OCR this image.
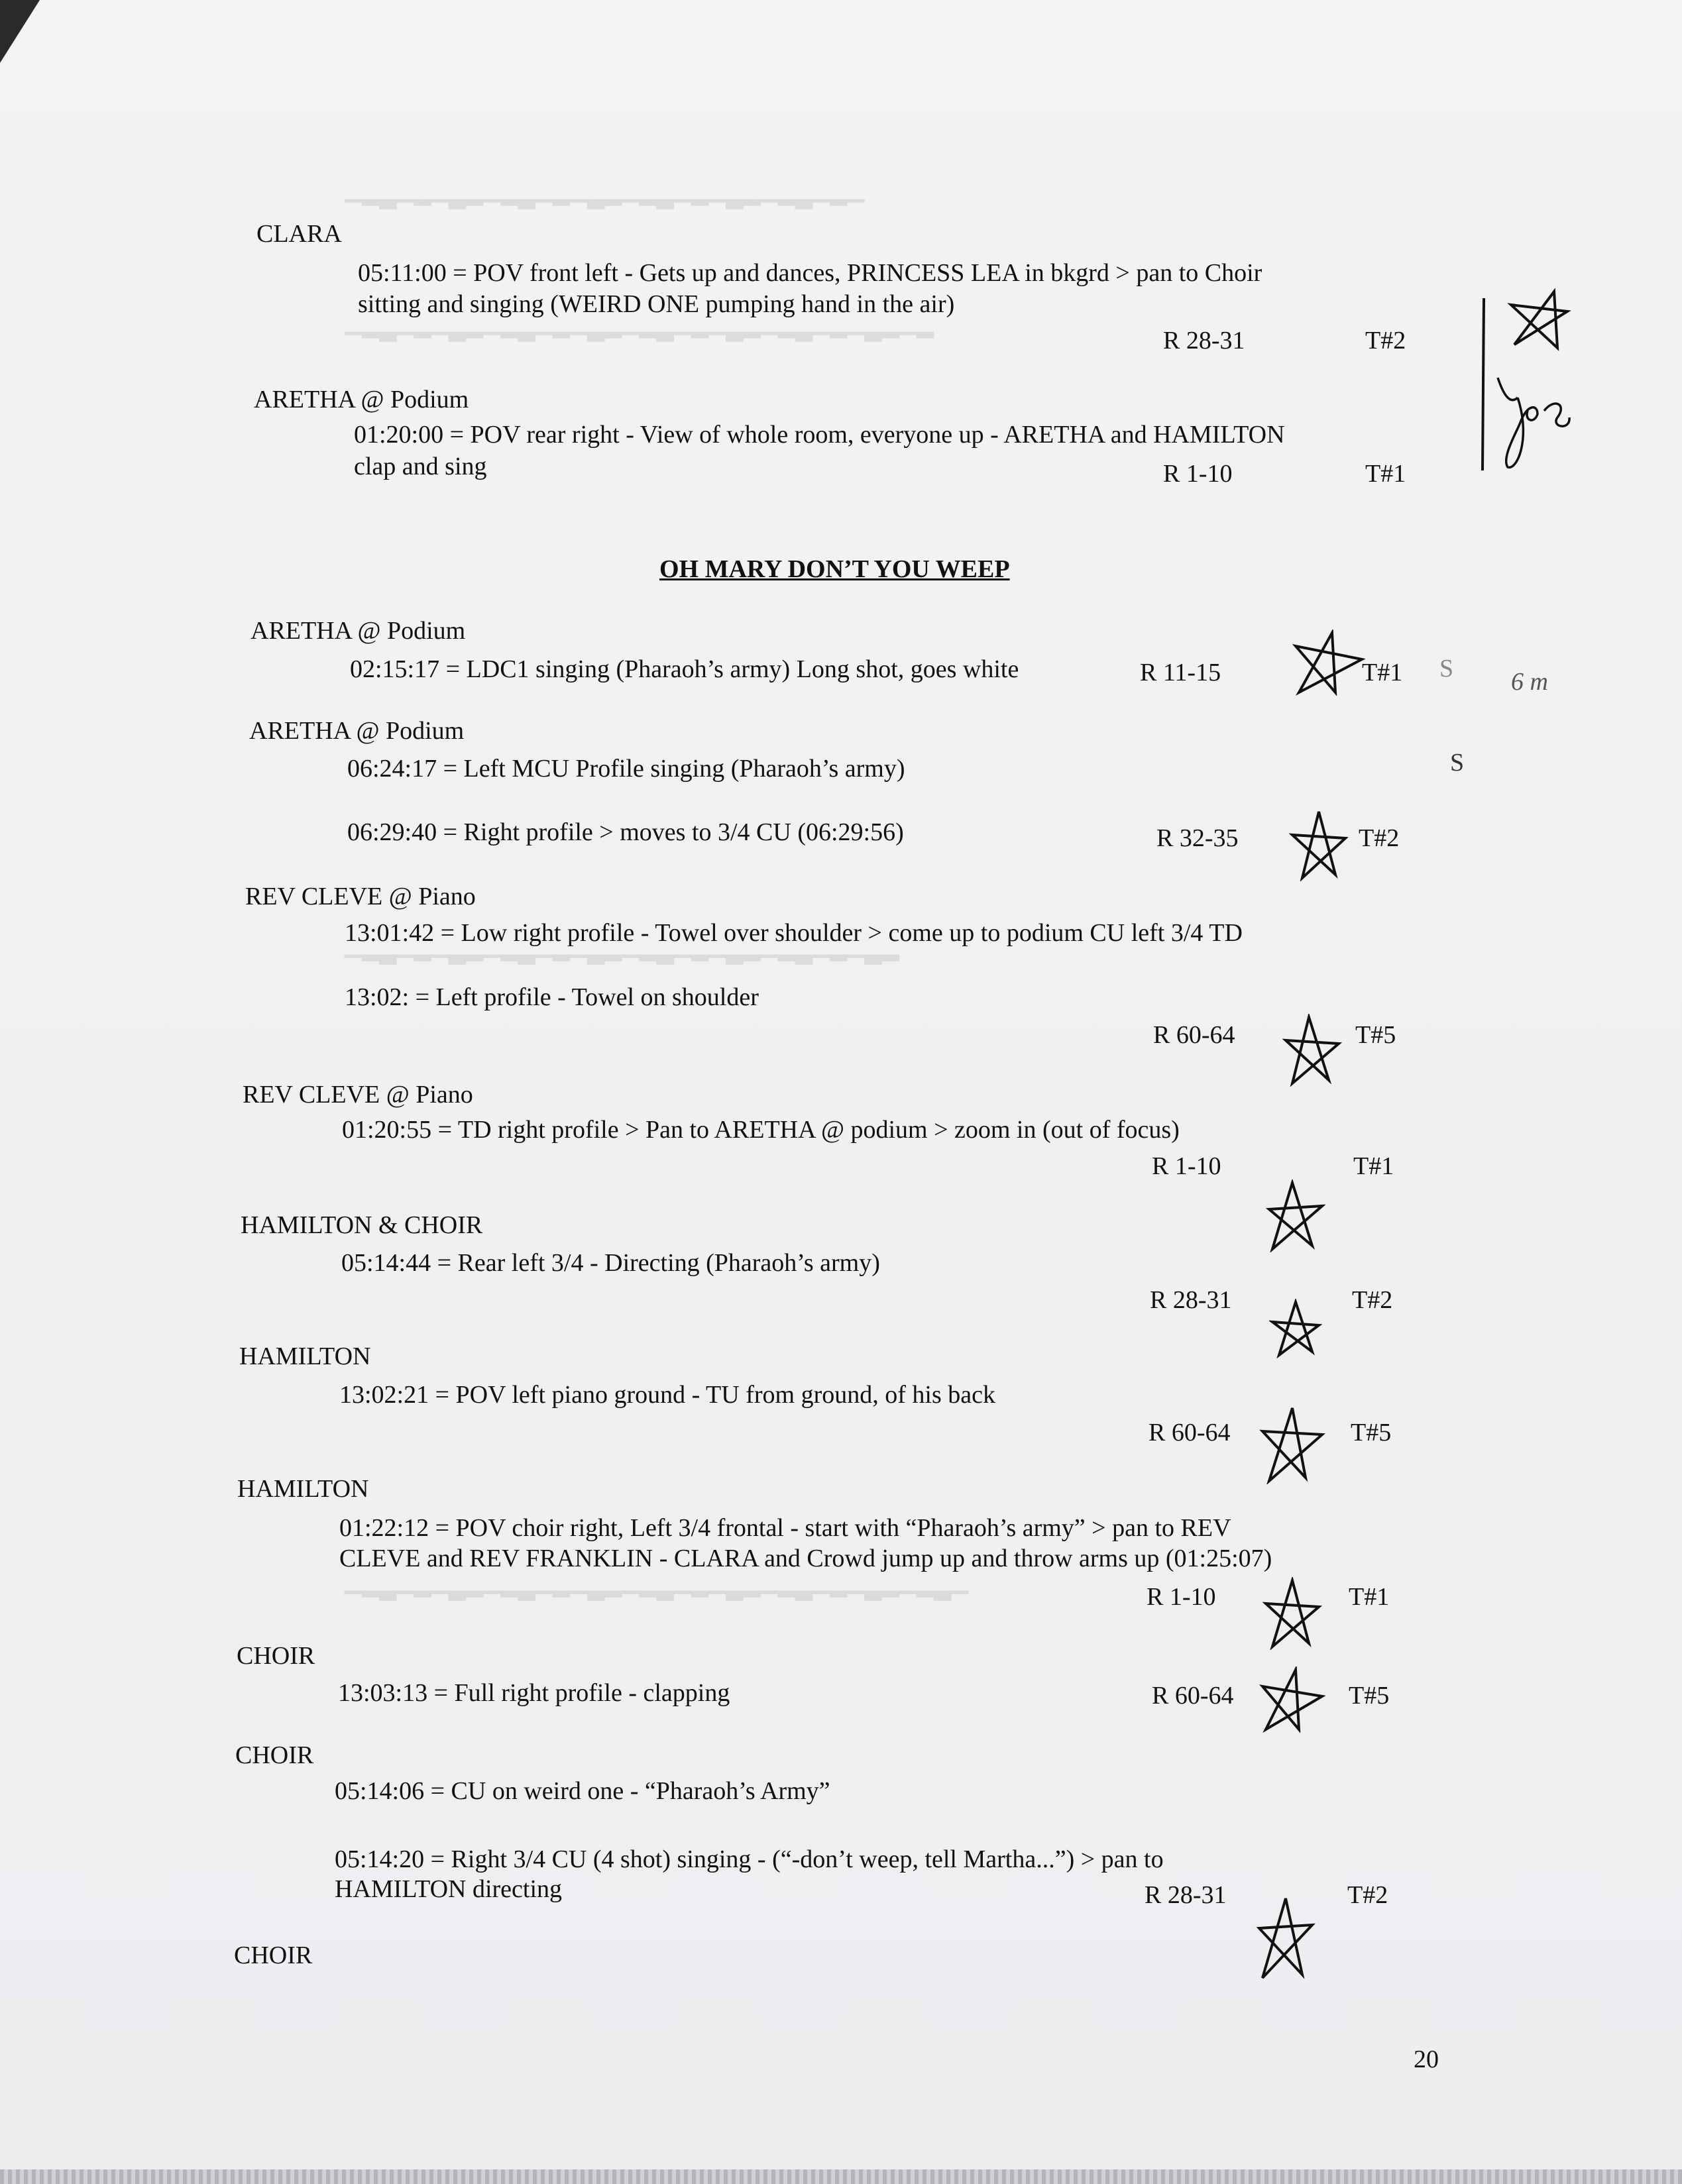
▁▂▃▁▂▁▃▂▁▂▃▁▂▁▃▂▁▂▃▁▂▁▃▂▁▂▃▁▂▁
▁▂▃▁▂▁▃▂▁▂▃▁▂▁▃▂▁▂▃▁▂▁▃▂▁▂▃▁▂▁▃▂▁▂
▁▂▃▁▂▁▃▂▁▂▃▁▂▁▃▂▁▂▃▁▂▁▃▂▁▂▃▁▂▁▃▂
▁▂▃▁▂▁▃▂▁▂▃▁▂▁▃▂▁▂▃▁▂▁▃▂▁▂▃▁▂▁▃▂▁▂▃▁
CLARA
05:11:00 = POV front left - Gets up and dances, PRINCESS LEA in bkgrd > pan to Choir
sitting and singing (WEIRD ONE pumping hand in the air)
R 28-31	T#2
ARETHA @ Podium
01:20:00 = POV rear right - View of whole room, everyone up - ARETHA and HAMILTON
clap and sing	R 1-10	T#1
OH MARY DON’T YOU WEEP
ARETHA @ Podium
02:15:17 = LDC1 singing (Pharaoh’s army) Long shot, goes white	R 11-15	T#1
ARETHA @ Podium
06:24:17 = Left MCU Profile singing (Pharaoh’s army)
06:29:40 = Right profile > moves to 3/4 CU (06:29:56)	R 32-35	T#2
REV CLEVE @ Piano
13:01:42 = Low right profile - Towel over shoulder > come up to podium CU left 3/4 TD
13:02: = Left profile - Towel on shoulder
R 60-64	T#5
REV CLEVE @ Piano
01:20:55 = TD right profile > Pan to ARETHA @ podium > zoom in (out of focus)
R 1-10	T#1
HAMILTON & CHOIR
05:14:44 = Rear left 3/4 - Directing (Pharaoh’s army)
R 28-31	T#2
HAMILTON
13:02:21 = POV left piano ground - TU from ground, of his back
R 60-64	T#5
HAMILTON
01:22:12 = POV choir right, Left 3/4 frontal - start with “Pharaoh’s army” > pan to REV
CLEVE and REV FRANKLIN - CLARA and Crowd jump up and throw arms up (01:25:07)
R 1-10	T#1
CHOIR
13:03:13 = Full right profile - clapping	R 60-64	T#5
CHOIR
05:14:06 = CU on weird one - “Pharaoh’s Army”
05:14:20 = Right 3/4 CU (4 shot) singing - (“-don’t weep, tell Martha...”) > pan to
HAMILTON directing	R 28-31	T#2
CHOIR
S 6 m
S
20
